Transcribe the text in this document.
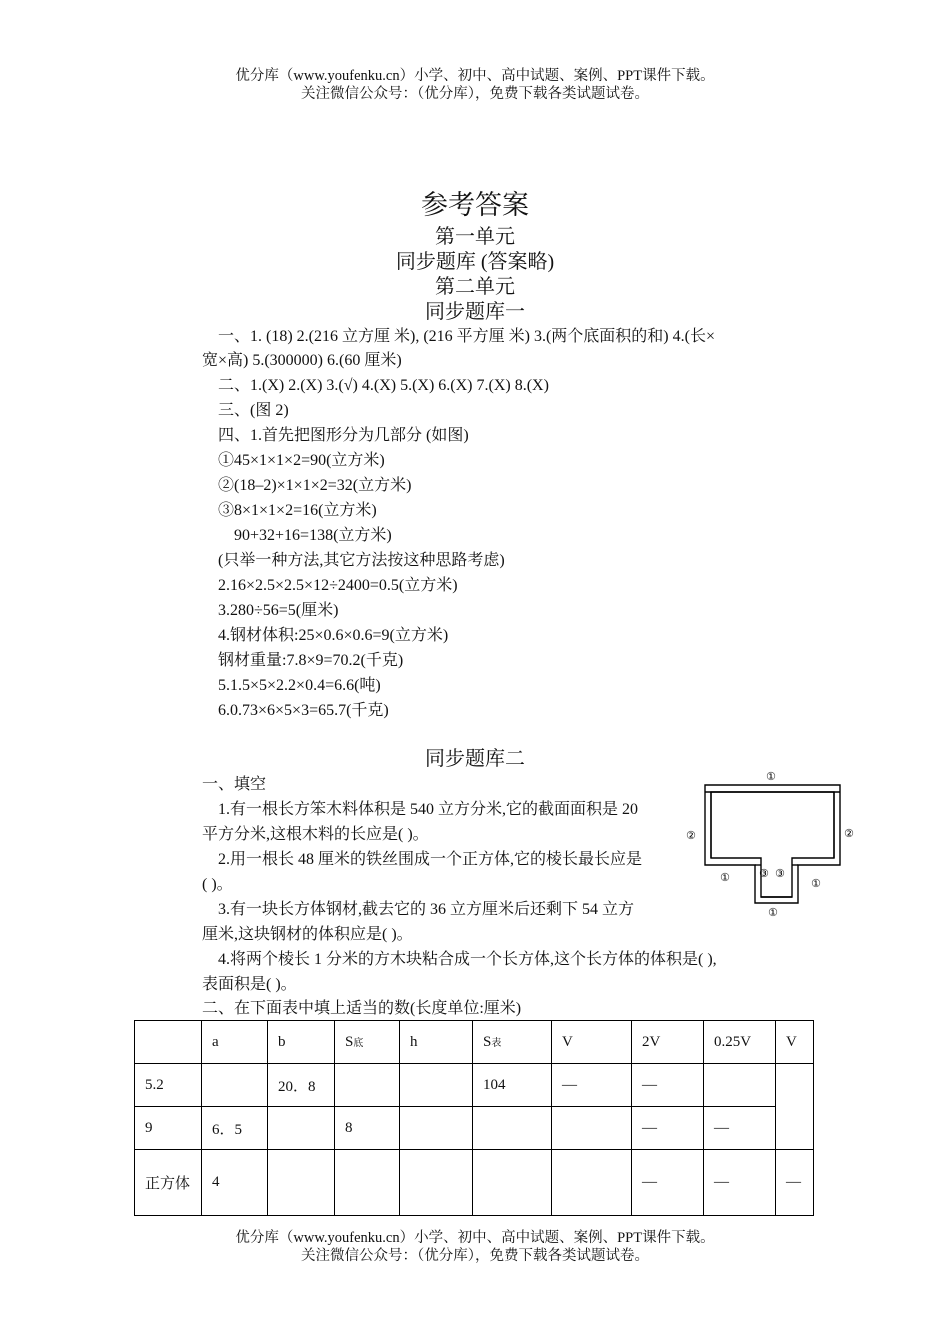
优分库（www.youfenku.cn）小学、初中、高中试题、案例、PPT课件下载。
关注微信公众号：（优分库），免费下载各类试题试卷。
参考答案
第一单元
同步题库 (答案略)
第二单元
同步题库一
一、1. (18) 2.(216 立方厘 米), (216 平方厘 米) 3.(两个底面积的和) 4.(长×
宽×高) 5.(300000) 6.(60 厘米)
二、1.(X) 2.(X) 3.(√) 4.(X) 5.(X) 6.(X) 7.(X) 8.(X)
三、(图 2)
四、1.首先把图形分为几部分 (如图)
①45×1×1×2=90(立方米)
②(18–2)×1×1×2=32(立方米)
③8×1×1×2=16(立方米)
90+32+16=138(立方米)
(只举一种方法,其它方法按这种思路考虑)
2.16×2.5×2.5×12÷2400=0.5(立方米)
3.280÷56=5(厘米)
4.钢材体积:25×0.6×0.6=9(立方米)
钢材重量:7.8×9=70.2(千克)
5.1.5×5×2.2×0.4=6.6(吨)
6.0.73×6×5×3=65.7(千克)
同步题库二
一、填空
1.有一根长方笨木料体积是 540 立方分米,它的截面面积是 20
平方分米,这根木料的长应是( )。
2.用一根长 48 厘米的铁丝围成一个正方体,它的棱长最长应是
( )。
3.有一块长方体钢材,截去它的 36 立方厘米后还剩下 54 立方
厘米,这块钢材的体积应是( )。
4.将两个棱长 1 分米的方木块粘合成一个长方体,这个长方体的体积是( ),
表面积是( )。
二、在下面表中填上适当的数(长度单位:厘米)
①
②	②
①	③ ③
①
①
	a	b	S底	h	S表	V	2V	0.25V	V
5.2		20．8			104	—	—		
9	6．5		8				—	—	
正方体	4						—	—	—
优分库（www.youfenku.cn）小学、初中、高中试题、案例、PPT课件下载。
关注微信公众号：（优分库），免费下载各类试题试卷。
